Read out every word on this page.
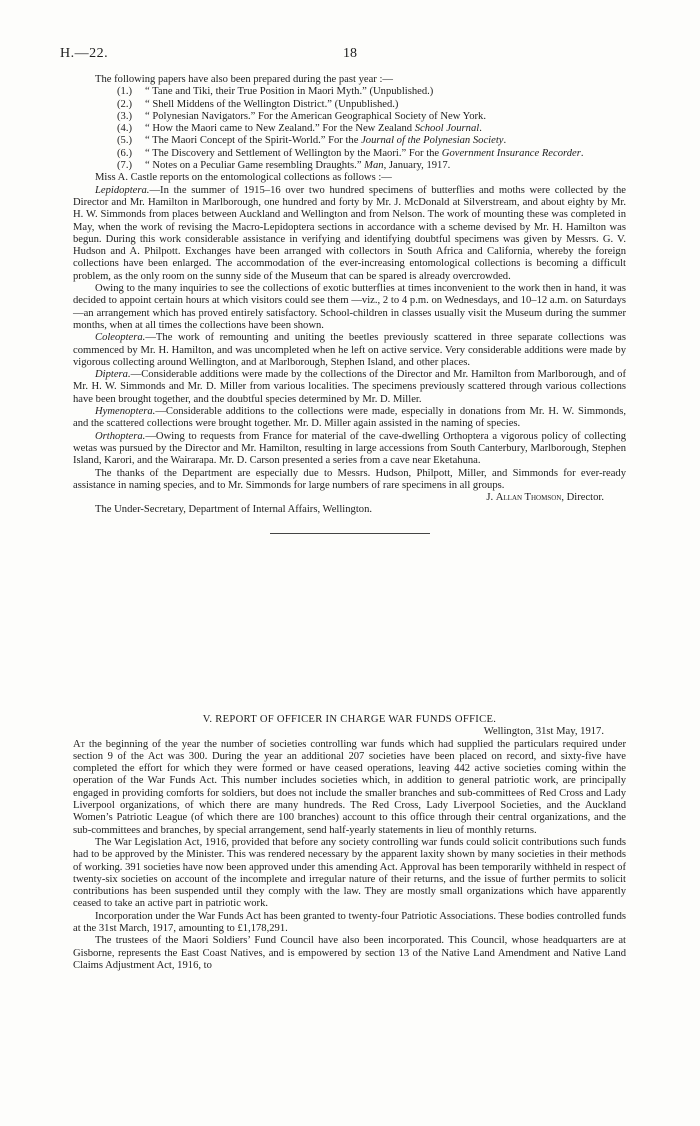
H.—22.	18

The following papers have also been prepared during the past year :—

(1.) “ Tane and Tiki, their True Position in Maori Myth.” (Unpublished.)
(2.) “ Shell Middens of the Wellington District.” (Unpublished.)
(3.) “ Polynesian Navigators.” For the American Geographical Society of New York.
(4.) “ How the Maori came to New Zealand.” For the New Zealand School Journal.
(5.) “ The Maori Concept of the Spirit-World.” For the Journal of the Polynesian Society.
(6.) “ The Discovery and Settlement of Wellington by the Maori.” For the Government Insurance Recorder.
(7.) “ Notes on a Peculiar Game resembling Draughts.” Man, January, 1917.

Miss A. Castle reports on the entomological collections as follows :—

Lepidoptera.—In the summer of 1915–16 over two hundred specimens of butterflies and moths were collected by the Director and Mr. Hamilton in Marlborough, one hundred and forty by Mr. J. McDonald at Silverstream, and about eighty by Mr. H. W. Simmonds from places between Auckland and Wellington and from Nelson. The work of mounting these was completed in May, when the work of revising the Macro-Lepidoptera sections in accordance with a scheme devised by Mr. H. Hamilton was begun. During this work considerable assistance in verifying and identifying doubtful specimens was given by Messrs. G. V. Hudson and A. Philpott. Exchanges have been arranged with collectors in South Africa and California, whereby the foreign collections have been enlarged. The accommodation of the ever-increasing entomological collections is becoming a difficult problem, as the only room on the sunny side of the Museum that can be spared is already overcrowded.

Owing to the many inquiries to see the collections of exotic butterflies at times inconvenient to the work then in hand, it was decided to appoint certain hours at which visitors could see them —viz., 2 to 4 p.m. on Wednesdays, and 10–12 a.m. on Saturdays—an arrangement which has proved entirely satisfactory. School-children in classes usually visit the Museum during the summer months, when at all times the collections have been shown.

Coleoptera.—The work of remounting and uniting the beetles previously scattered in three separate collections was commenced by Mr. H. Hamilton, and was uncompleted when he left on active service. Very considerable additions were made by vigorous collecting around Wellington, and at Marlborough, Stephen Island, and other places.

Diptera.—Considerable additions were made by the collections of the Director and Mr. Hamilton from Marlborough, and of Mr. H. W. Simmonds and Mr. D. Miller from various localities. The specimens previously scattered through various collections have been brought together, and the doubtful species determined by Mr. D. Miller.

Hymenoptera.—Considerable additions to the collections were made, especially in donations from Mr. H. W. Simmonds, and the scattered collections were brought together. Mr. D. Miller again assisted in the naming of species.

Orthoptera.—Owing to requests from France for material of the cave-dwelling Orthoptera a vigorous policy of collecting wetas was pursued by the Director and Mr. Hamilton, resulting in large accessions from South Canterbury, Marlborough, Stephen Island, Karori, and the Wairarapa. Mr. D. Carson presented a series from a cave near Eketahuna.

The thanks of the Department are especially due to Messrs. Hudson, Philpott, Miller, and Simmonds for ever-ready assistance in naming species, and to Mr. Simmonds for large numbers of rare specimens in all groups.

J. Allan Thomson, Director.

The Under-Secretary, Department of Internal Affairs, Wellington.

V. REPORT OF OFFICER IN CHARGE WAR FUNDS OFFICE.

Wellington, 31st May, 1917.

At the beginning of the year the number of societies controlling war funds which had supplied the particulars required under section 9 of the Act was 300. During the year an additional 207 societies have been placed on record, and sixty-five have completed the effort for which they were formed or have ceased operations, leaving 442 active societies coming within the operation of the War Funds Act. This number includes societies which, in addition to general patriotic work, are principally engaged in providing comforts for soldiers, but does not include the smaller branches and sub-committees of Red Cross and Lady Liverpool organizations, of which there are many hundreds. The Red Cross, Lady Liverpool Societies, and the Auckland Women’s Patriotic League (of which there are 100 branches) account to this office through their central organizations, and the sub-committees and branches, by special arrangement, send half-yearly statements in lieu of monthly returns.

The War Legislation Act, 1916, provided that before any society controlling war funds could solicit contributions such funds had to be approved by the Minister. This was rendered necessary by the apparent laxity shown by many societies in their methods of working. 391 societies have now been approved under this amending Act. Approval has been temporarily withheld in respect of twenty-six societies on account of the incomplete and irregular nature of their returns, and the issue of further permits to solicit contributions has been suspended until they comply with the law. They are mostly small organizations which have apparently ceased to take an active part in patriotic work.

Incorporation under the War Funds Act has been granted to twenty-four Patriotic Associations. These bodies controlled funds at the 31st March, 1917, amounting to £1,178,291.

The trustees of the Maori Soldiers’ Fund Council have also been incorporated. This Council, whose headquarters are at Gisborne, represents the East Coast Natives, and is empowered by section 13 of the Native Land Amendment and Native Land Claims Adjustment Act, 1916, to
